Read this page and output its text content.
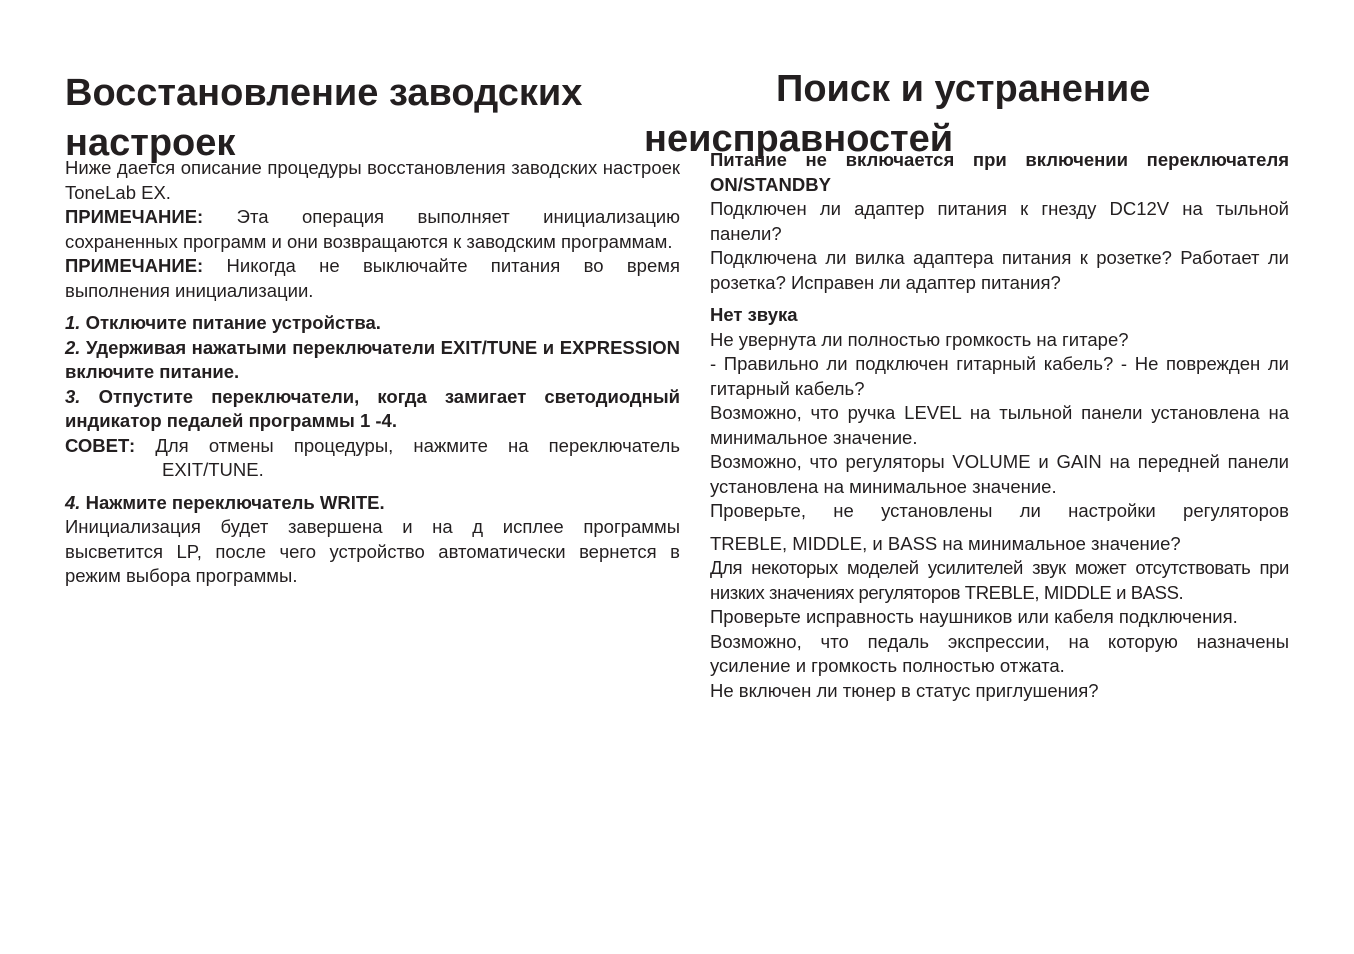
Восстановление заводских
настроек

Ниже дается описание процедуры восстановления заводских настроек ToneLab EX.

ПРИМЕЧАНИЕ: Эта операция выполняет инициализацию сохраненных программ и они возвращаются к заводским программам.

ПРИМЕЧАНИЕ: Никогда не выключайте питания во время выполнения инициализации.

1. Отключите питание устройства.

2. Удерживая нажатыми переключатели EXIT/TUNE и EXPRESSION включите питание.

3. Отпустите переключатели, когда замигает светодиодный индикатор педалей программы 1 -4.

СОВЕТ: Для отмены процедуры, нажмите на переключатель EXIT/TUNE.

4. Нажмите переключатель WRITE.

Инициализация будет завершена и на д исплее программы высветится LP, после чего устройство автоматически вернется в режим выбора программы.

Поиск и устранение
неисправностей

Питание не включается при включении переключателя ON/STANDBY

Подключен ли адаптер питания к гнезду DC12V на тыльной панели?

Подключена ли вилка адаптера питания к розетке? Работает ли розетка? Исправен ли адаптер питания?

Нет звука

Не увернута ли полностью громкость на гитаре?

- Правильно ли подключен гитарный кабель? - Не поврежден ли гитарный кабель?

Возможно, что ручка LEVEL на тыльной панели установлена на минимальное значение.

Возможно, что регуляторы VOLUME и GAIN на передней панели установлена на минимальное значение.

Проверьте, не установлены ли настройки регуляторов

TREBLE, MIDDLE, и BASS на минимальное значение?

Для некоторых моделей усилителей звук может отсутствовать при низких значениях регуляторов TREBLE, MIDDLE и BASS.

Проверьте исправность наушников или кабеля подключения.

Возможно, что педаль экспрессии, на которую назначены усиление и громкость полностью отжата.

Не включен ли тюнер в статус приглушения?
